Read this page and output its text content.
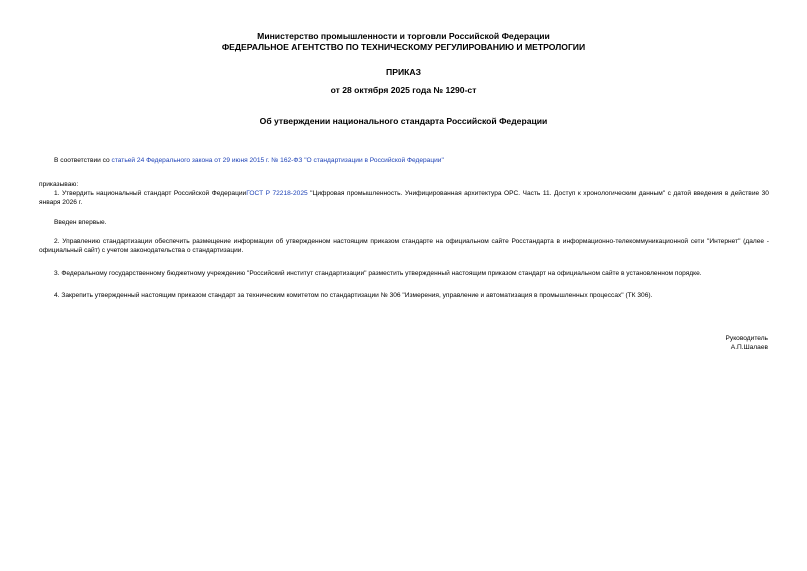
Министерство промышленности и торговли Российской Федерации
ФЕДЕРАЛЬНОЕ АГЕНТСТВО ПО ТЕХНИЧЕСКОМУ РЕГУЛИРОВАНИЮ И МЕТРОЛОГИИ
ПРИКАЗ
от 28 октября 2025 года № 1290-ст
Об утверждении национального стандарта Российской Федерации
В соответствии со статьей 24 Федерального закона от 29 июня 2015 г. № 162-ФЗ "О стандартизации в Российской Федерации"
приказываю:
1. Утвердить национальный стандарт Российской ФедерацииГОСТ Р 72218-2025 "Цифровая промышленность. Унифицированная архитектура ОРС. Часть 11. Доступ к хронологическим данным" с датой введения в действие 30 января 2026 г.
Введен впервые.
2. Управлению стандартизации обеспечить размещение информации об утвержденном настоящим приказом стандарте на официальном сайте Росстандарта в информационно-телекоммуникационной сети "Интернет" (далее - официальный сайт) с учетом законодательства о стандартизации.
3. Федеральному государственному бюджетному учреждению "Российский институт стандартизации" разместить утвержденный настоящим приказом стандарт на официальном сайте в установленном порядке.
4. Закрепить утвержденный настоящим приказом стандарт за техническим комитетом по стандартизации № 306 "Измерения, управление и автоматизация в промышленных процессах" (ТК 306).
Руководитель
А.П.Шалаев
